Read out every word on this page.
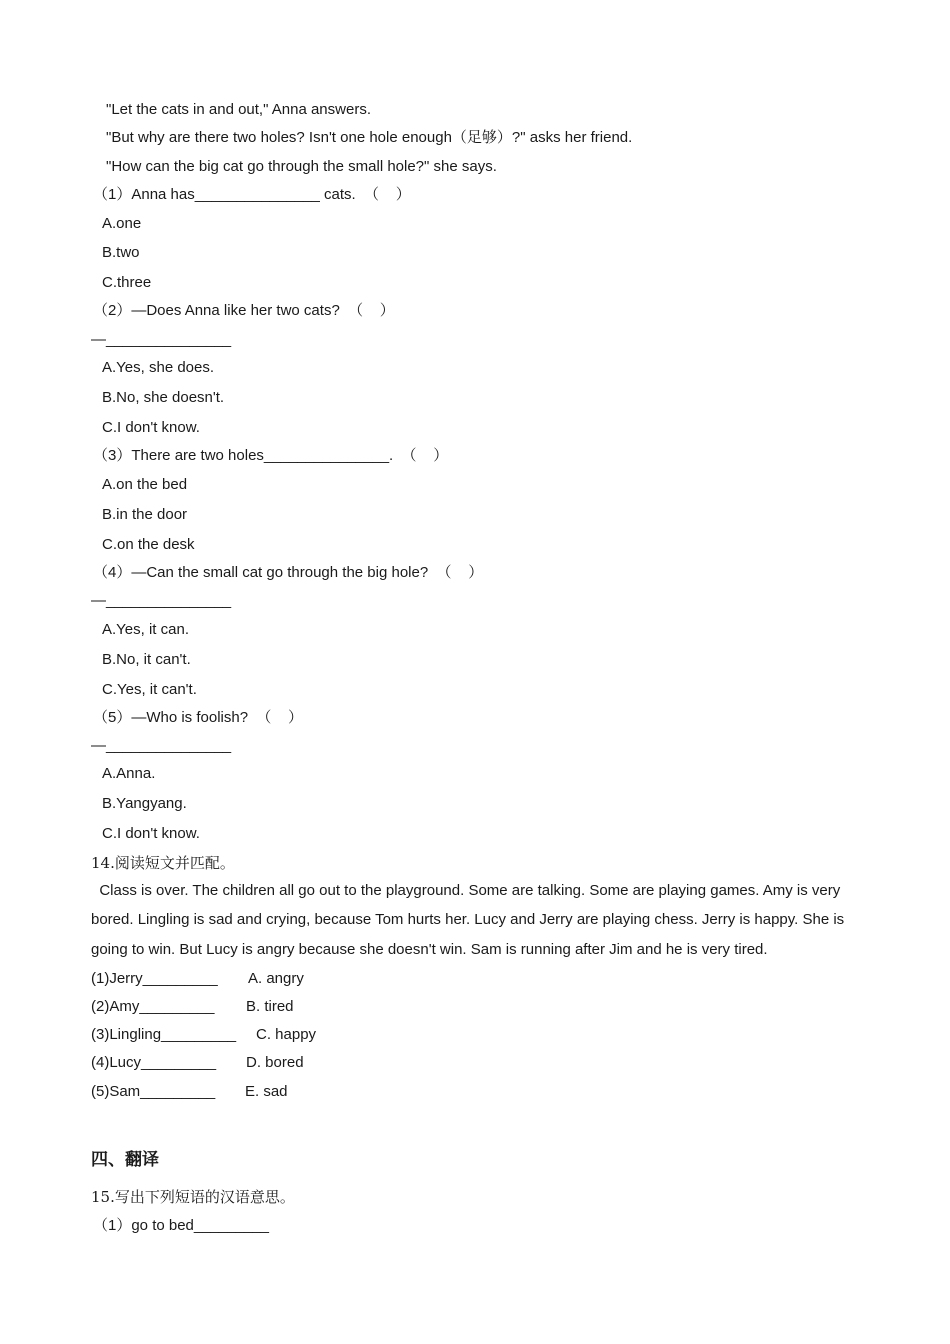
"Let the cats in and out," Anna answers.
"But why are there two holes? Isn't one hole enough（足够）?" asks her friend.
"How can the big cat go through the small hole?" she says.
（1）Anna has_______________ cats.  （    ）
A.one
B.two
C.three
（2）—Does Anna like her two cats?  （    ）
—_______________
A.Yes, she does.
B.No, she doesn't.
C.I don't know.
（3）There are two holes_______________.  （    ）
A.on the bed
B.in the door
C.on the desk
（4）—Can the small cat go through the big hole?  （    ）
—_______________
A.Yes, it can.
B.No, it can't.
C.Yes, it can't.
（5）—Who is foolish?  （    ）
—_______________
A.Anna.
B.Yangyang.
C.I don't know.
14.阅读短文并匹配。
Class is over. The children all go out to the playground. Some are talking. Some are playing games. Amy is very
bored. Lingling is sad and crying, because Tom hurts her. Lucy and Jerry are playing chess. Jerry is happy. She is
going to win. But Lucy is angry because she doesn't win. Sam is running after Jim and he is very tired.
(1)Jerry_________ A. angry
(2)Amy_________ B. tired
(3)Lingling_________ C. happy
(4)Lucy_________ D. bored
(5)Sam_________ E. sad
四、翻译
15.写出下列短语的汉语意思。
（1）go to bed_________
